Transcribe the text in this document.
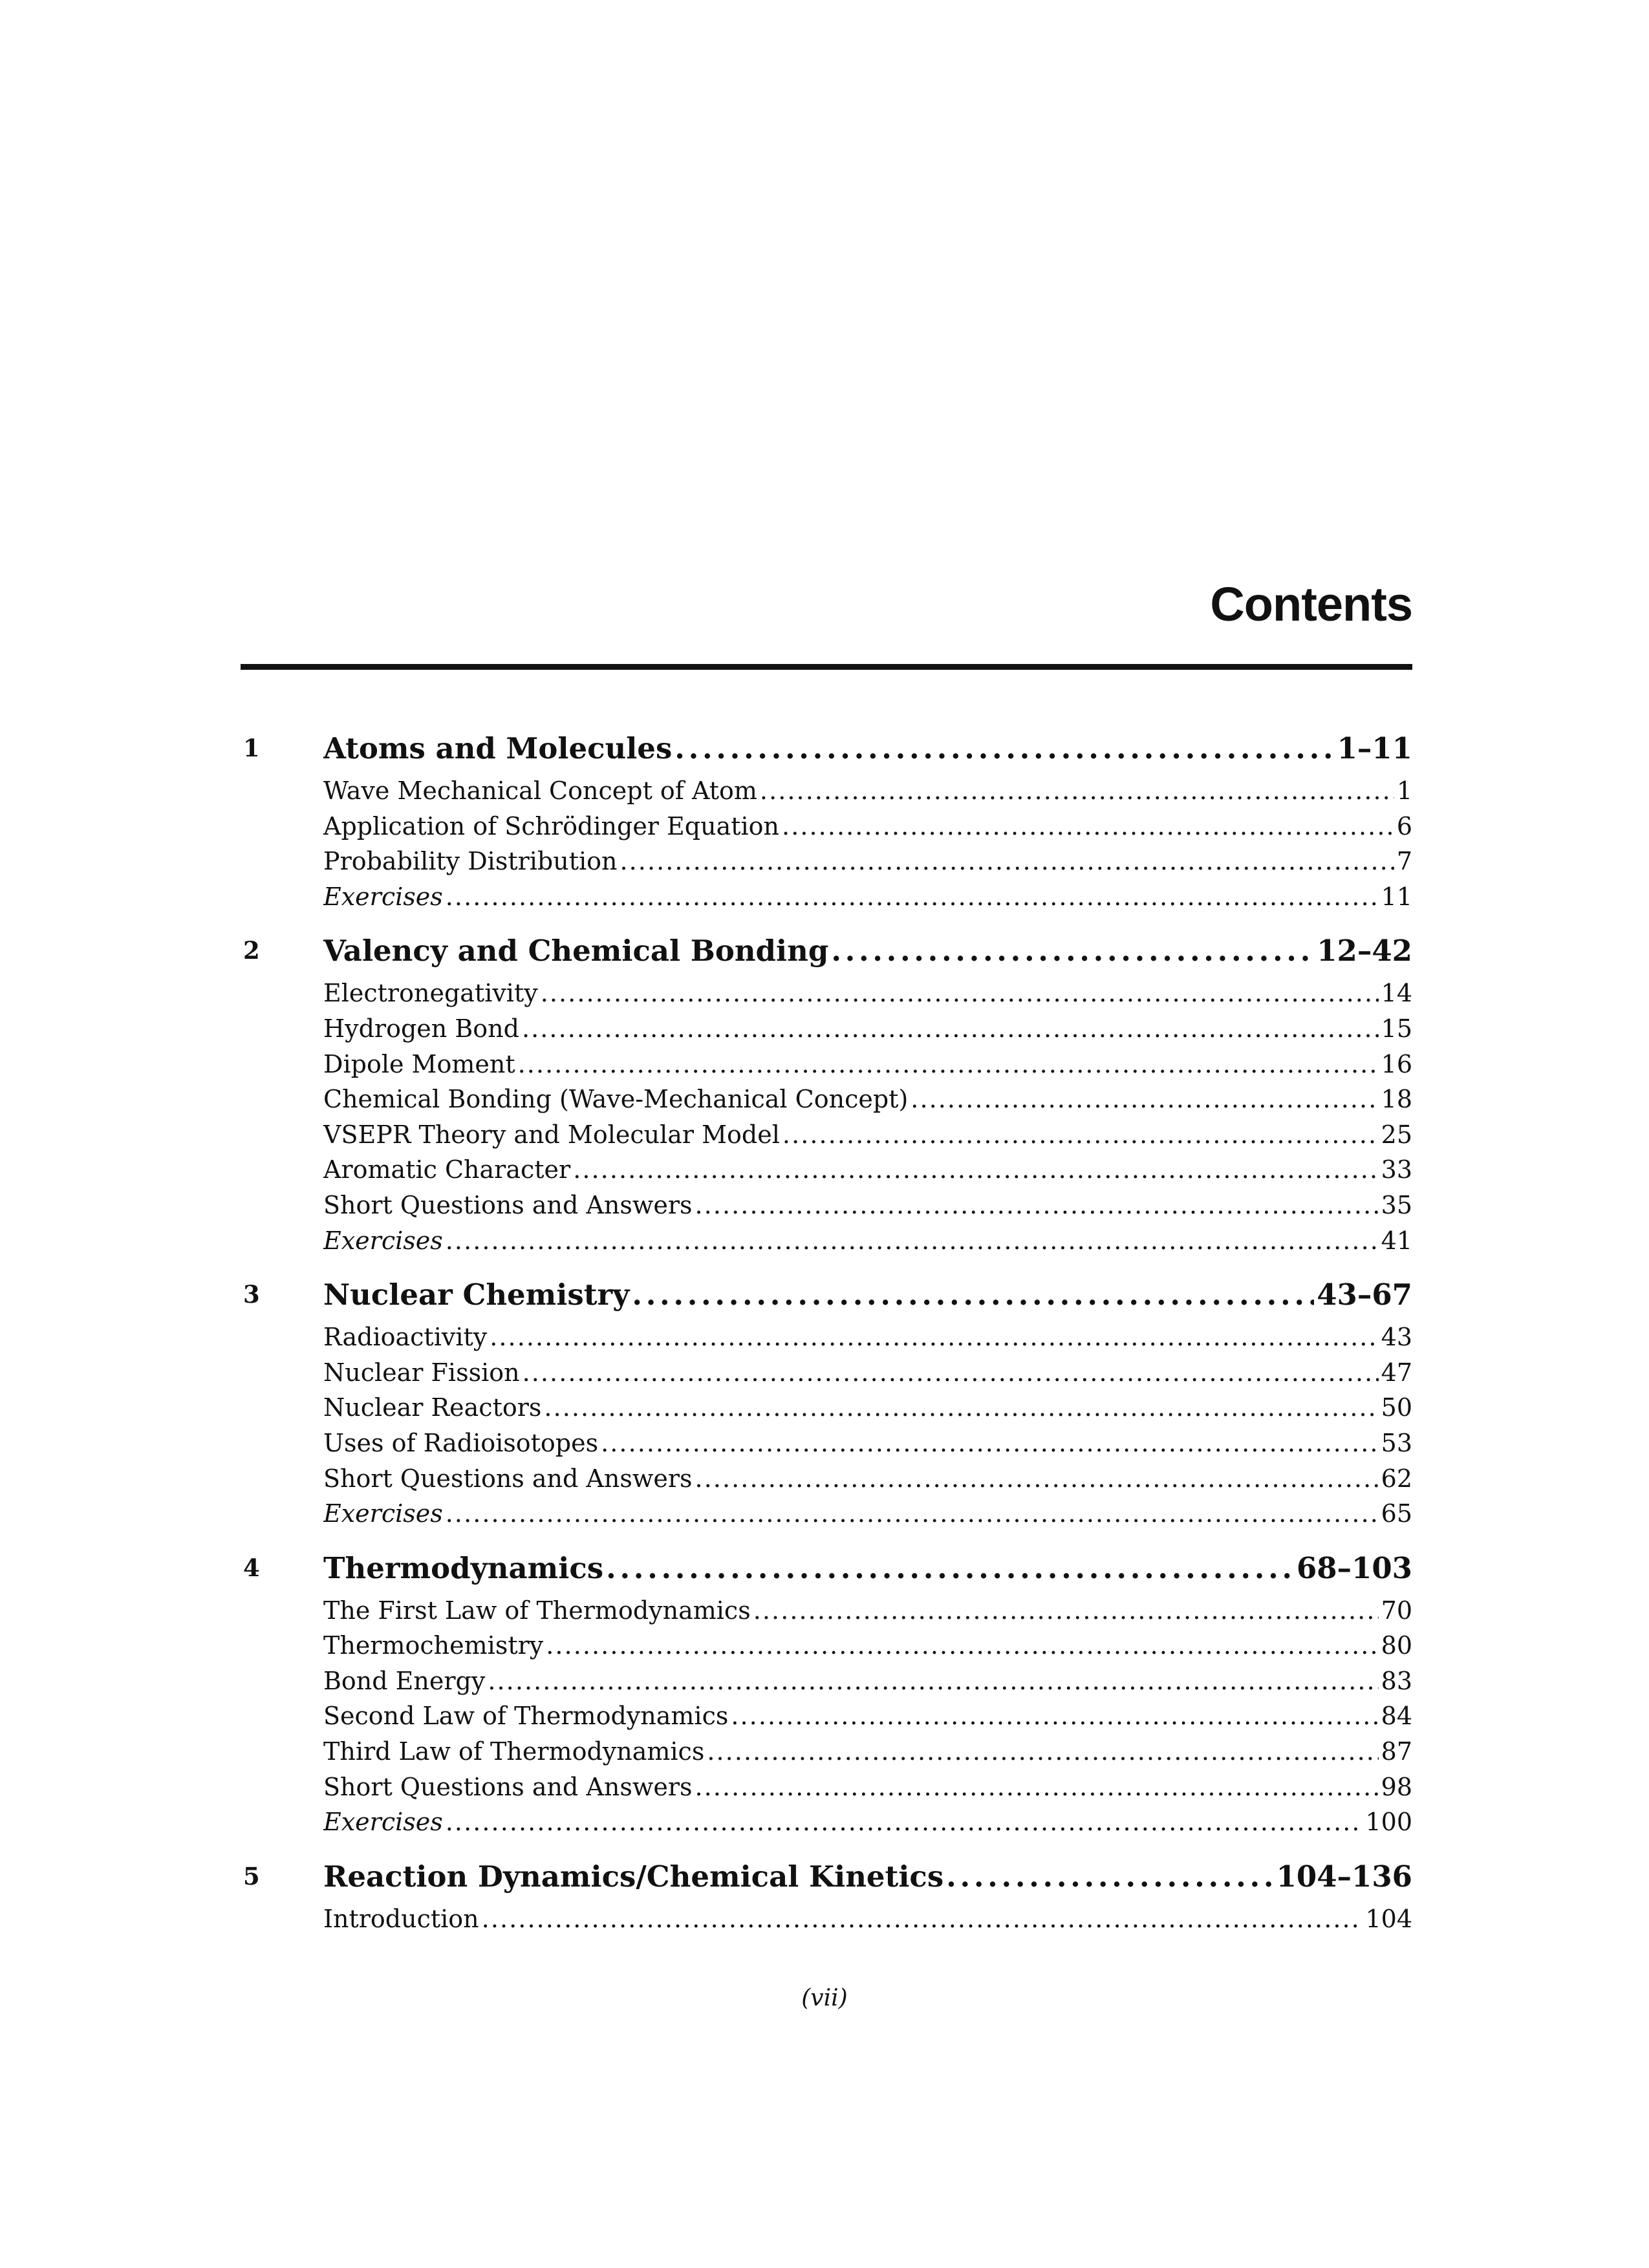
Contents
1 Atoms and Molecules . . .	1–11
Wave Mechanical Concept of Atom . . .	1
Application of Schrödinger Equation . . .	6
Probability Distribution . . .	7
Exercises . . .	11
2 Valency and Chemical Bonding . . .	12–42
Electronegativity . . .	14
Hydrogen Bond . . .	15
Dipole Moment . . .	16
Chemical Bonding (Wave-Mechanical Concept) . . .	18
VSEPR Theory and Molecular Model . . .	25
Aromatic Character . . .	33
Short Questions and Answers . . .	35
Exercises . . .	41
3 Nuclear Chemistry . . .	43–67
Radioactivity . . .	43
Nuclear Fission . . .	47
Nuclear Reactors . . .	50
Uses of Radioisotopes . . .	53
Short Questions and Answers . . .	62
Exercises . . .	65
4 Thermodynamics . . .	68–103
The First Law of Thermodynamics . . .	70
Thermochemistry . . .	80
Bond Energy . . .	83
Second Law of Thermodynamics . . .	84
Third Law of Thermodynamics . . .	87
Short Questions and Answers . . .	98
Exercises . . .	100
5 Reaction Dynamics/Chemical Kinetics . . .	104–136
Introduction . . .	104
(vii)
